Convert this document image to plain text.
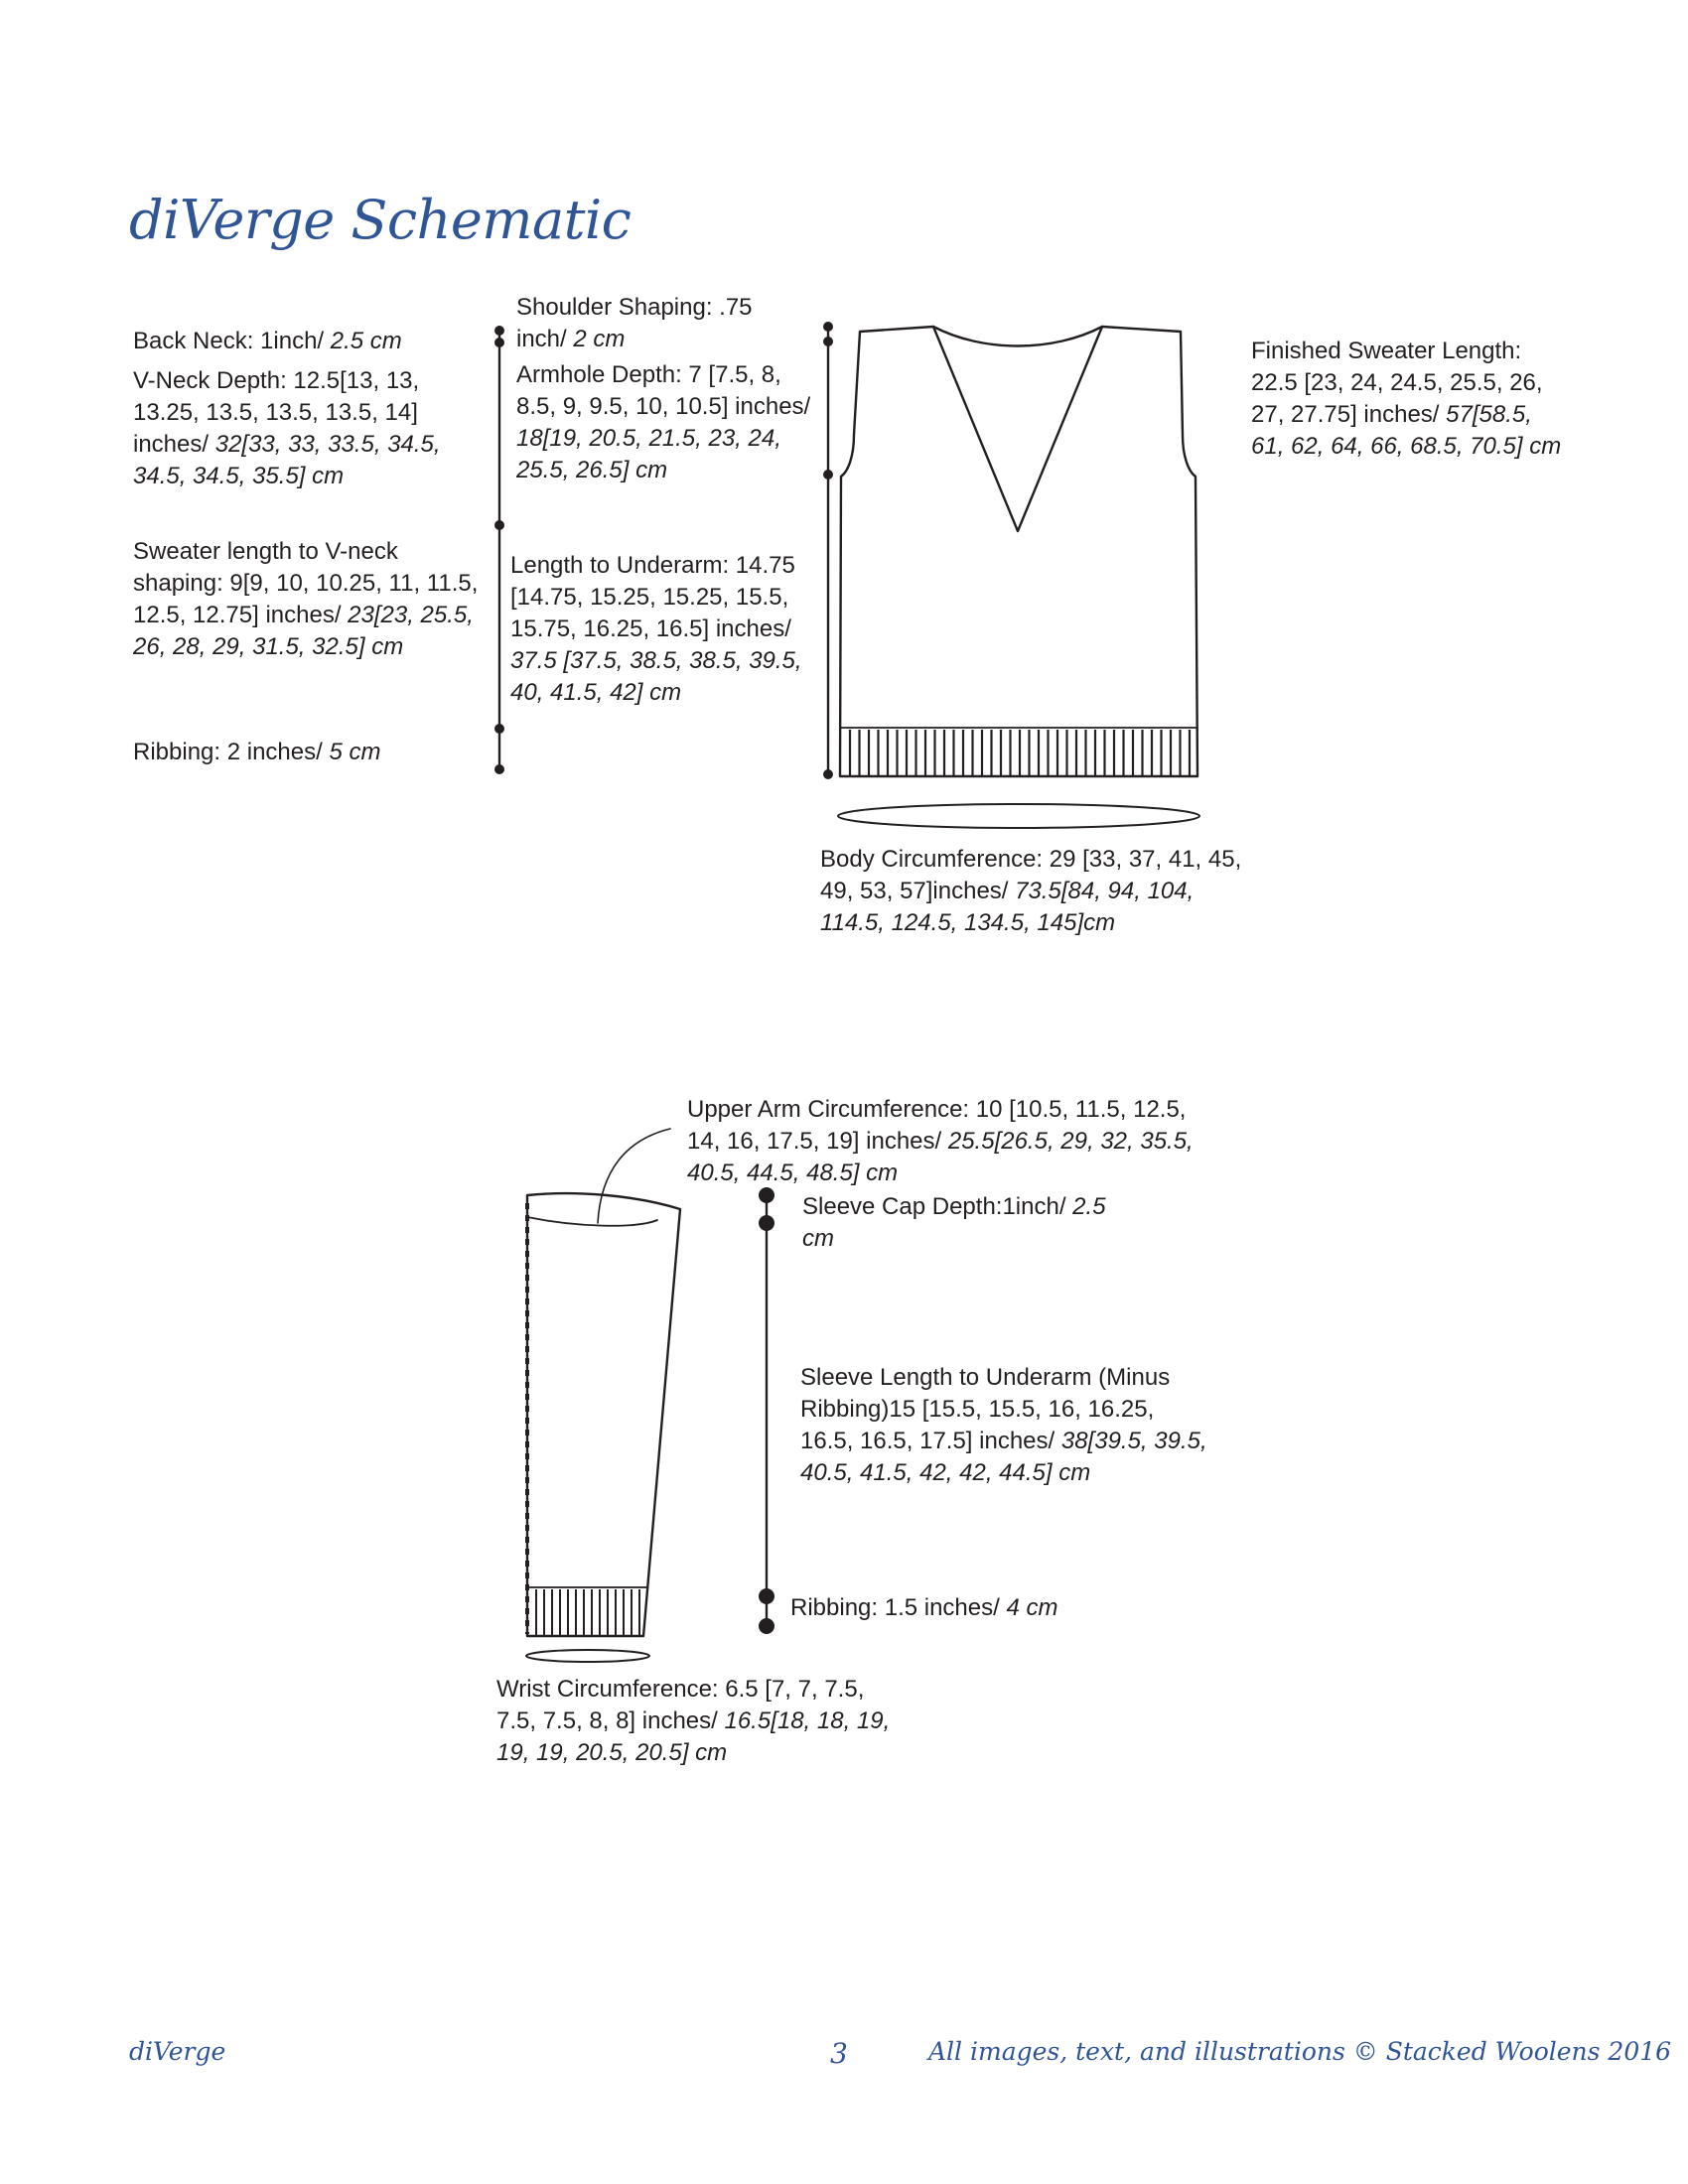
diVerge Schematic

Back Neck: 1inch/ 2.5 cm

V-Neck Depth: 12.5[13, 13, 13.25, 13.5, 13.5, 13.5, 14] inches/ 32[33, 33, 33.5, 34.5, 34.5, 34.5, 35.5] cm

Sweater length to V-neck shaping: 9[9, 10, 10.25, 11, 11.5, 12.5, 12.75] inches/ 23[23, 25.5, 26, 28, 29, 31.5, 32.5] cm

Ribbing: 2 inches/ 5 cm

Shoulder Shaping: .75 inch/ 2 cm

Armhole Depth: 7 [7.5, 8, 8.5, 9, 9.5, 10, 10.5] inches/ 18[19, 20.5, 21.5, 23, 24, 25.5, 26.5] cm

Length to Underarm: 14.75 [14.75, 15.25, 15.25, 15.5, 15.75, 16.25, 16.5] inches/ 37.5 [37.5, 38.5, 38.5, 39.5, 40, 41.5, 42] cm

Finished Sweater Length: 22.5 [23, 24, 24.5, 25.5, 26, 27, 27.75] inches/ 57[58.5, 61, 62, 64, 66, 68.5, 70.5] cm

Body Circumference: 29 [33, 37, 41, 45, 49, 53, 57]inches/ 73.5[84, 94, 104, 114.5, 124.5, 134.5, 145]cm

Upper Arm Circumference: 10 [10.5, 11.5, 12.5, 14, 16, 17.5, 19] inches/ 25.5[26.5, 29, 32, 35.5, 40.5, 44.5, 48.5] cm

Sleeve Cap Depth:1inch/ 2.5 cm

Sleeve Length to Underarm (Minus Ribbing)15 [15.5, 15.5, 16, 16.25, 16.5, 16.5, 17.5] inches/ 38[39.5, 39.5, 40.5, 41.5, 42, 42, 44.5] cm

Ribbing: 1.5 inches/ 4 cm

Wrist Circumference: 6.5 [7, 7, 7.5, 7.5, 7.5, 8, 8] inches/ 16.5[18, 18, 19, 19, 19, 20.5, 20.5] cm

diVerge	3	All images, text, and illustrations © Stacked Woolens 2016
